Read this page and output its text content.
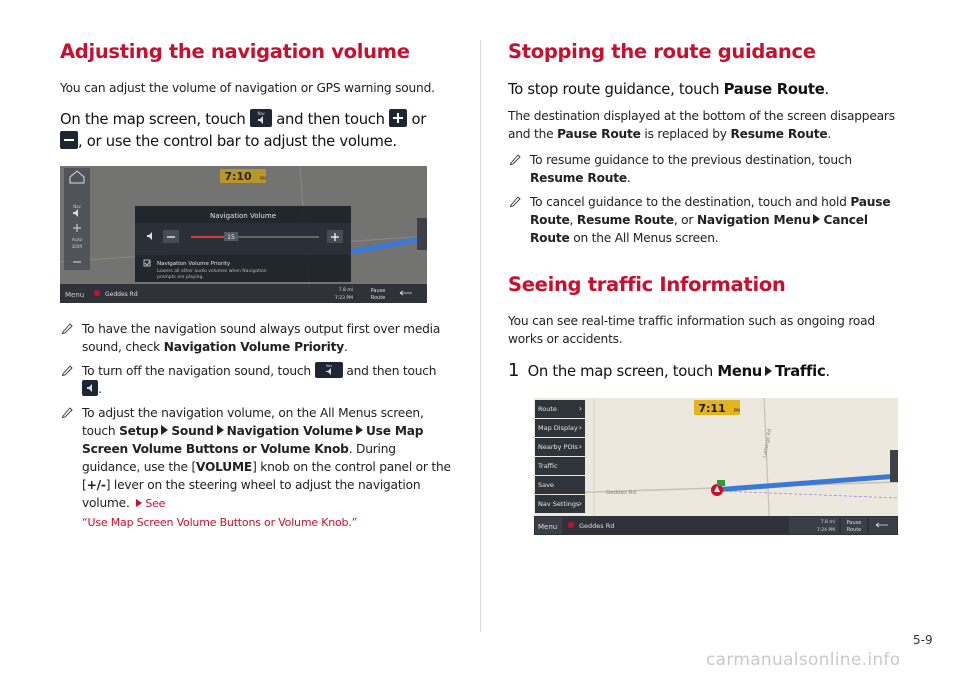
Adjusting the navigation volume

You can adjust the volume of navigation or GPS warning sound.

On the map screen, touch	Nav and then touch or
, or use the control bar to adjust the volume.

7:10 PM
Nav
Auto
300ft
Navigation Volume
15
Navigation Volume Priority
Lowers all other audio volumes when Navigation
prompts are playing.
Menu	Geddes Rd
7.8 mi
7:23 PM
Pause
Route
To have the navigation sound always output first over media sound, check Navigation Volume Priority.
To turn off the navigation sound, touch	Nav and then touch
.
To adjust the navigation volume, on the All Menus screen, touch Setup Sound Navigation Volume Use Map Screen Volume Buttons or Volume Knob. During guidance, use the [VOLUME] knob on the control panel or the [+/-] lever on the steering wheel to adjust the navigation volume. See
“Use Map Screen Volume Buttons or Volume Knob.”
Stopping the route guidance

To stop route guidance, touch Pause Route.

The destination displayed at the bottom of the screen disappears and the Pause Route is replaced by Resume Route.

To resume guidance to the previous destination, touch
Resume Route.
To cancel guidance to the destination, touch and hold Pause Route, Resume Route, or Navigation Menu Cancel Route on the All Menus screen.
Seeing traffic Information

You can see real-time traffic information such as ongoing road works or accidents.

1 On the map screen, touch Menu Traffic.

Geddes Rd
Lattorge Rd
7:11 PM
Menu	Geddes Rd	7.8 mi
7:24 PM
Pause
Route
Route	›
Map Display ›
Nearby POIs ›
Traffic
Save
Nav Settings ›
5-9
carmanualsonline.info
